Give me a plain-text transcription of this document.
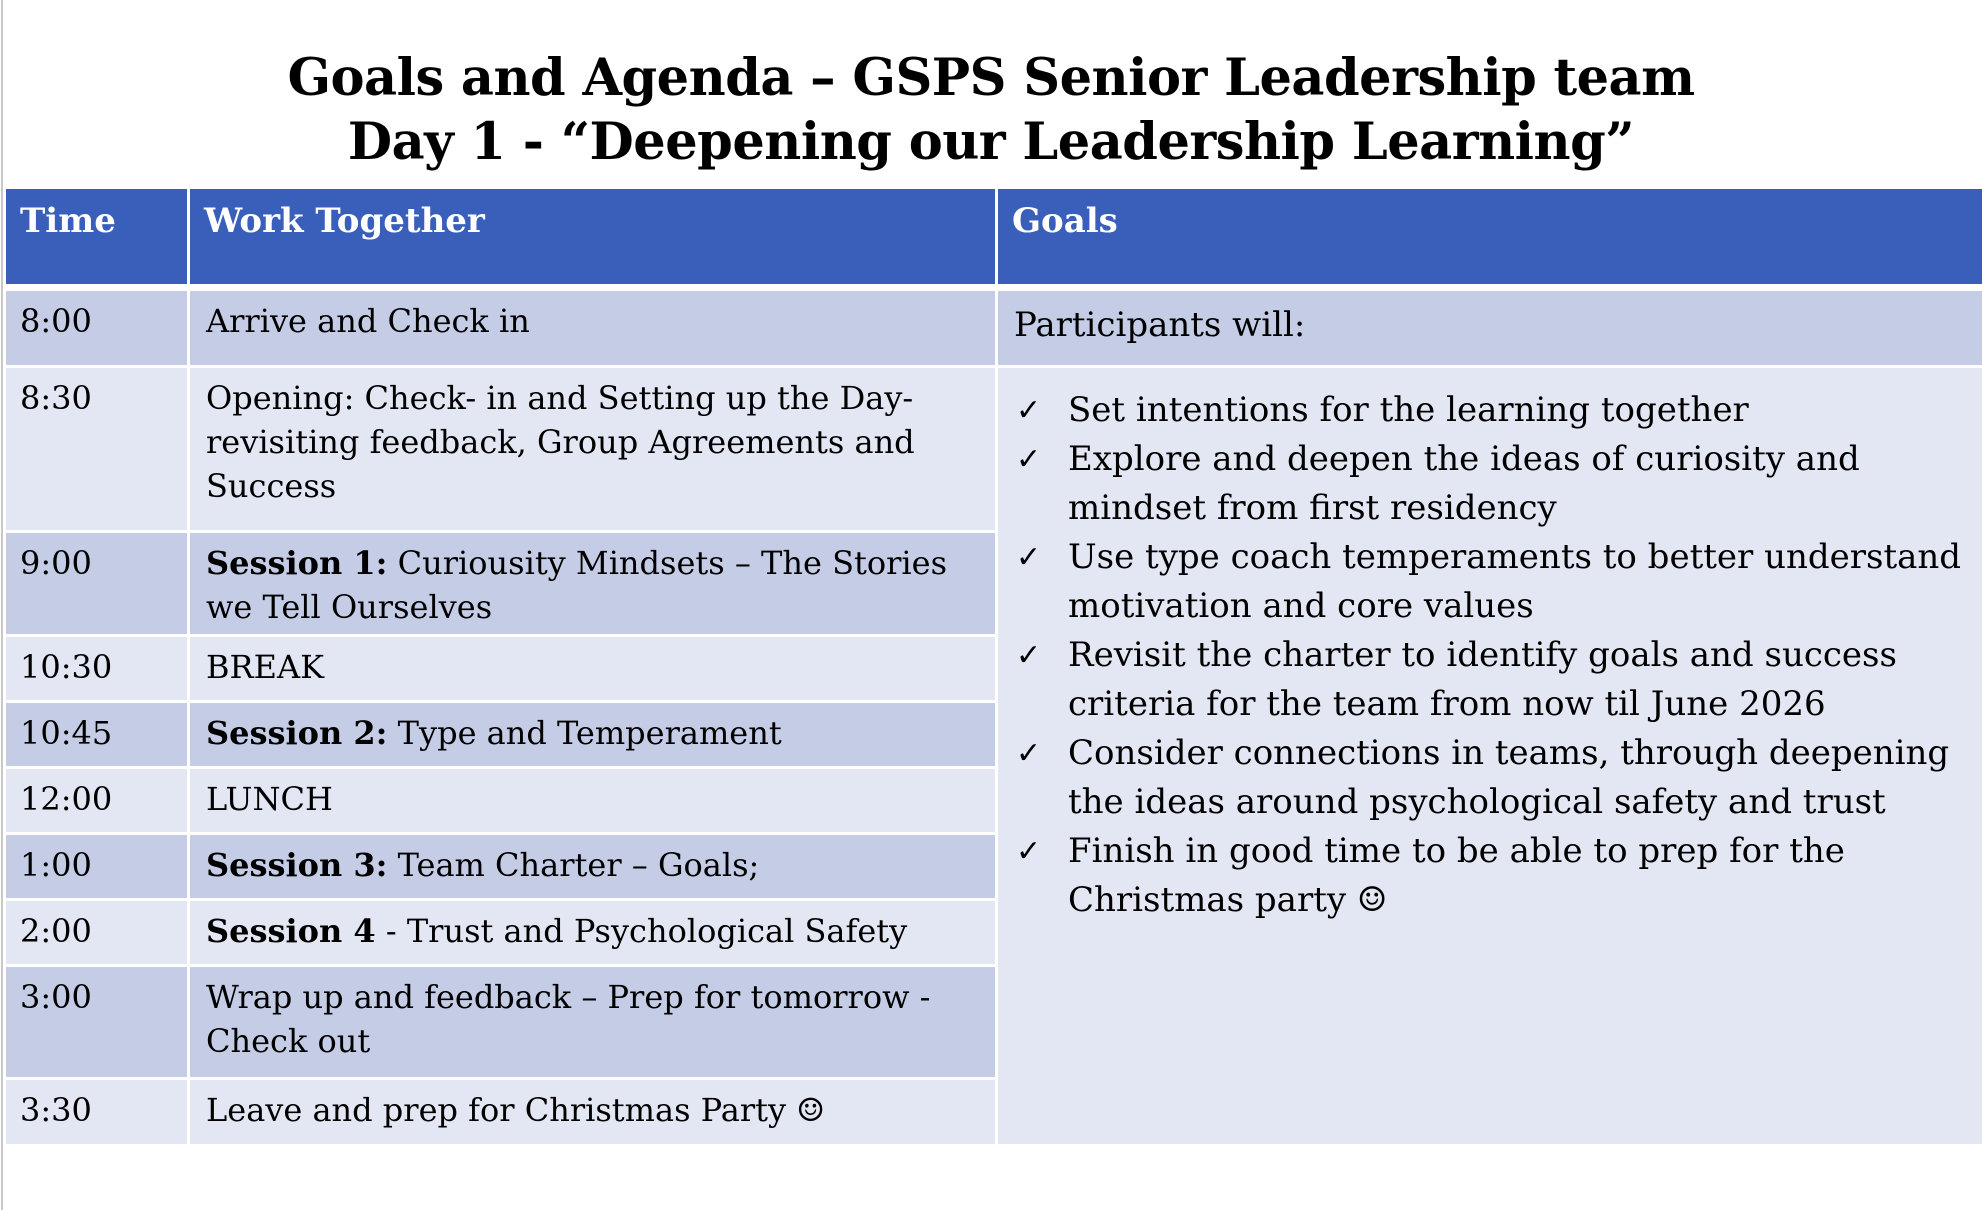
Goals and Agenda – GSPS Senior Leadership team
Day 1 - “Deepening our Leadership Learning”
Time	Work Together	Goals
8:00
8:30
9:00
10:30
10:45
12:00
1:00
2:00
3:00
3:30
Arrive and Check in
Opening: Check- in and Setting up the Day- revisiting feedback, Group Agreements and Success
Session 1: Curiousity Mindsets – The Stories we Tell Ourselves
BREAK
Session 2: Type and Temperament
LUNCH
Session 3: Team Charter – Goals;
Session 4 - Trust and Psychological Safety
Wrap up and feedback – Prep for tomorrow - Check out
Leave and prep for Christmas Party ☺
Participants will:
✓ Set intentions for the learning together
✓ Explore and deepen the ideas of curiosity and mindset from first residency
✓ Use type coach temperaments to better understand motivation and core values
✓ Revisit the charter to identify goals and success criteria for the team from now til June 2026
✓ Consider connections in teams, through deepening the ideas around psychological safety and trust
✓ Finish in good time to be able to prep for the Christmas party ☺
